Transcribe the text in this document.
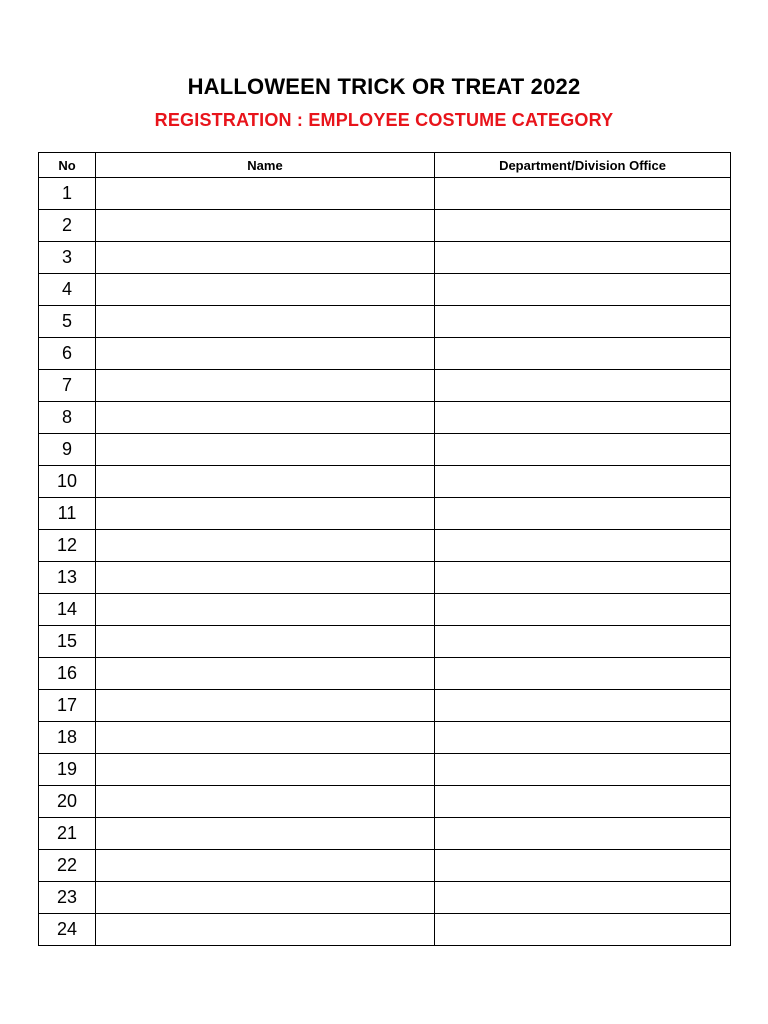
HALLOWEEN TRICK OR TREAT 2022
REGISTRATION : EMPLOYEE COSTUME CATEGORY
No	Name	Department/Division Office
1		
2		
3		
4		
5		
6		
7		
8		
9		
10		
11		
12		
13		
14		
15		
16		
17		
18		
19		
20		
21		
22		
23		
24		
